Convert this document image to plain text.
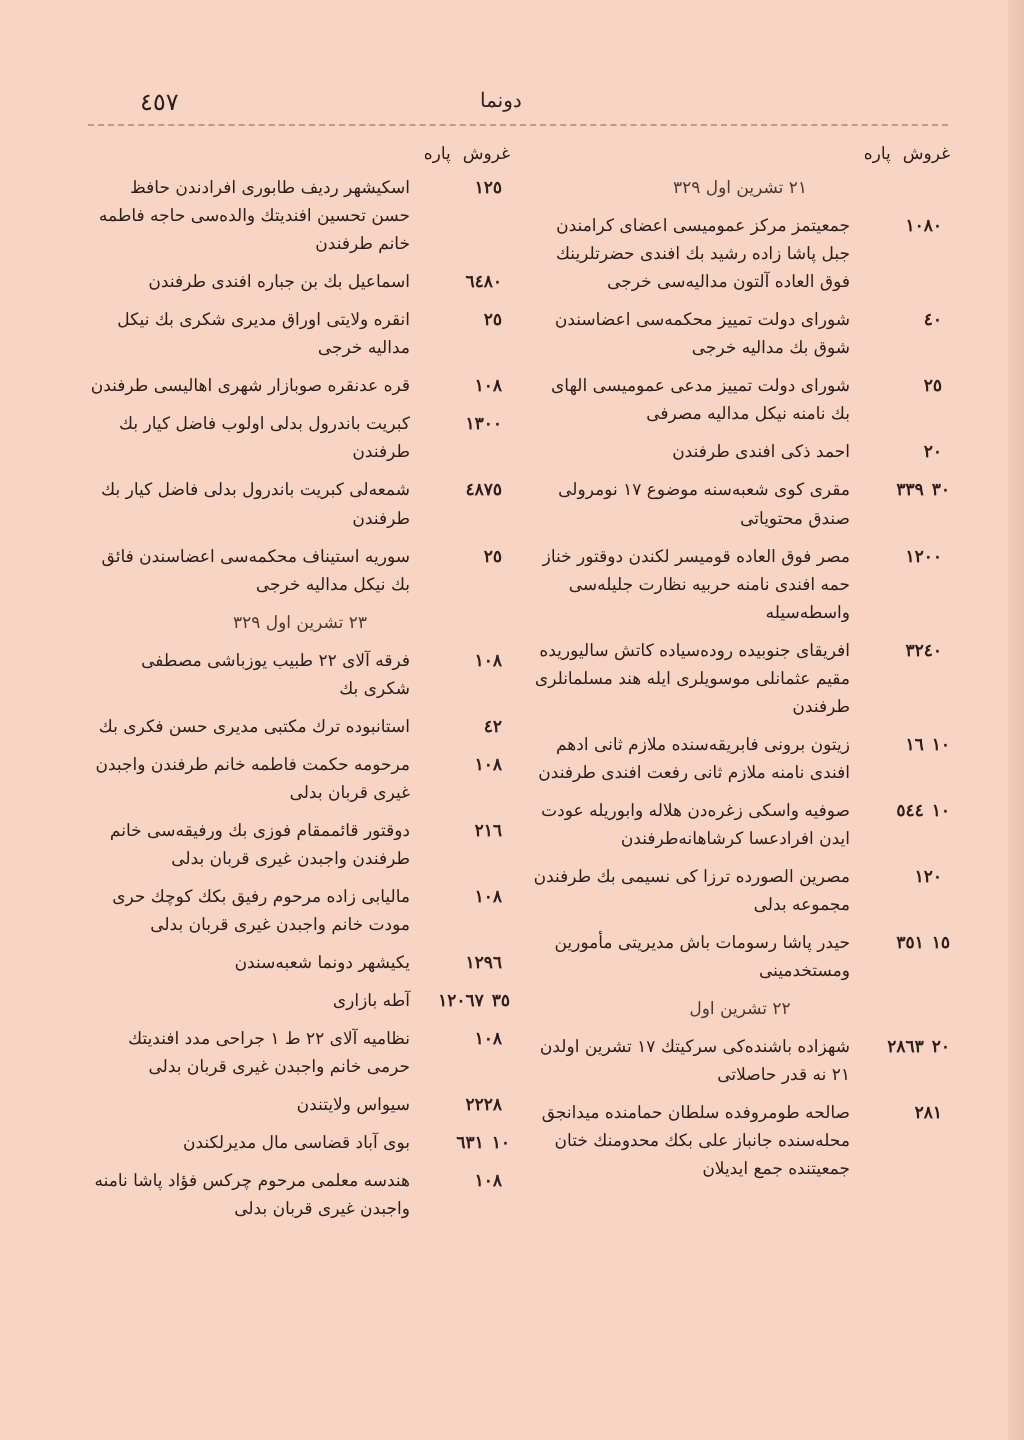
٤٥٧	دونما
غروش
پاره
٢١ تشرين اول ٣٢٩
١٠٨٠
جمعيتمز مركز عموميسى اعضاى كرامندن جبل پاشا زاده رشيد بك افندى حضرتلرينك فوق العاده آلتون مداليه‌سى خرجى
٤٠
شوراى دولت تمييز محكمه‌سى اعضاسندن شوق بك مداليه خرجى
٢٥
شوراى دولت تمييز مدعى عموميسى الهاى بك نامنه نيكل مداليه مصرفى
٢٠
احمد ذكى افندى طرفندن
٣٠
٣٣٩
مقرى كوى شعبه‌سنه موضوع ١٧ نومرولى صندق محتوياتى
١٢٠٠
مصر فوق العاده قوميسر لكندن دوقتور خناز حمه افندى نامنه حربيه نظارت جليله‌سى واسطه‌سيله
٣٢٤٠
افريقاى جنوبيده روده‌سياده كاتش ساليوريده مقيم عثمانلى موسويلرى ايله هند مسلمانلرى طرفندن
١٠
١٦
زيتون برونى فابريقه‌سنده ملازم ثانى ادهم افندى نامنه ملازم ثانى رفعت افندى طرفندن
١٠
٥٤٤
صوفيه واسكى زغره‌دن هلاله وابوريله عودت ايدن افرادعسا كرشاهانه‌طرفندن
١٢٠
مصرين الصورده ترزا كى نسيمى بك طرفندن مجموعه بدلى
١٥
٣٥١
حيدر پاشا رسومات باش مديريتى مأمورين ومستخدمينى
٢٢ تشرين اول
٢٠
٢٨٦٣
شهزاده باشنده‌كى سركيتك ١٧ تشرين اولدن ٢١ نه قدر حاصلاتى
٢٨١
صالحه طومروفده سلطان حمامنده ميدانجق محله‌سنده جانباز على بكك محدومنك ختان جمعيتنده جمع ايديلان
غروش
پاره
١٢٥
اسكيشهر رديف طابورى افرادندن حافظ حسن تحسين افنديتك والده‌سى حاجه فاطمه خانم طرفندن
٦٤٨٠
اسماعيل بك بن جباره افندى طرفندن
٢٥
انقره ولايتى اوراق مديرى شكرى بك نيكل مداليه خرجى
١٠٨
قره عدنقره صوبازار شهرى اهاليسى طرفندن
١٣٠٠
كبريت باندرول بدلى اولوب فاضل كيار بك طرفندن
٤٨٧٥
شمعه‌لى كبريت باندرول بدلى فاضل كيار بك طرفندن
٢٥
سوريه استيناف محكمه‌سى اعضاسندن فائق بك نيكل مداليه خرجى
٢٣ تشرين اول ٣٢٩
١٠٨
فرقه آلاى ٢٢ طبيب يوزباشى مصطفى شكرى بك
٤٢
استانبوده ترك مكتبى مديرى حسن فكرى بك
١٠٨
مرحومه حكمت فاطمه خانم طرفندن واجبدن غيرى قربان بدلى
٢١٦
دوقتور قائممقام فوزى بك ورفيقه‌سى خانم طرفندن واجبدن غيرى قربان بدلى
١٠٨
ماليابى زاده مرحوم رفيق بكك كوچك حرى مودت خانم واجبدن غيرى قربان بدلى
١٢٩٦
يكيشهر دونما شعبه‌سندن
٣٥
١٢٠٦٧
آطه بازارى
١٠٨
نظاميه آلاى ٢٢ ط ١ جراحى مدد افنديتك حرمى خانم واجبدن غيرى قربان بدلى
٢٢٢٨
سيواس ولايتندن
١٠
٦٣١
بوى آباد قضاسى مال مديرلكندن
١٠٨
هندسه معلمى مرحوم چركس فؤاد پاشا نامنه واجبدن غيرى قربان بدلى
